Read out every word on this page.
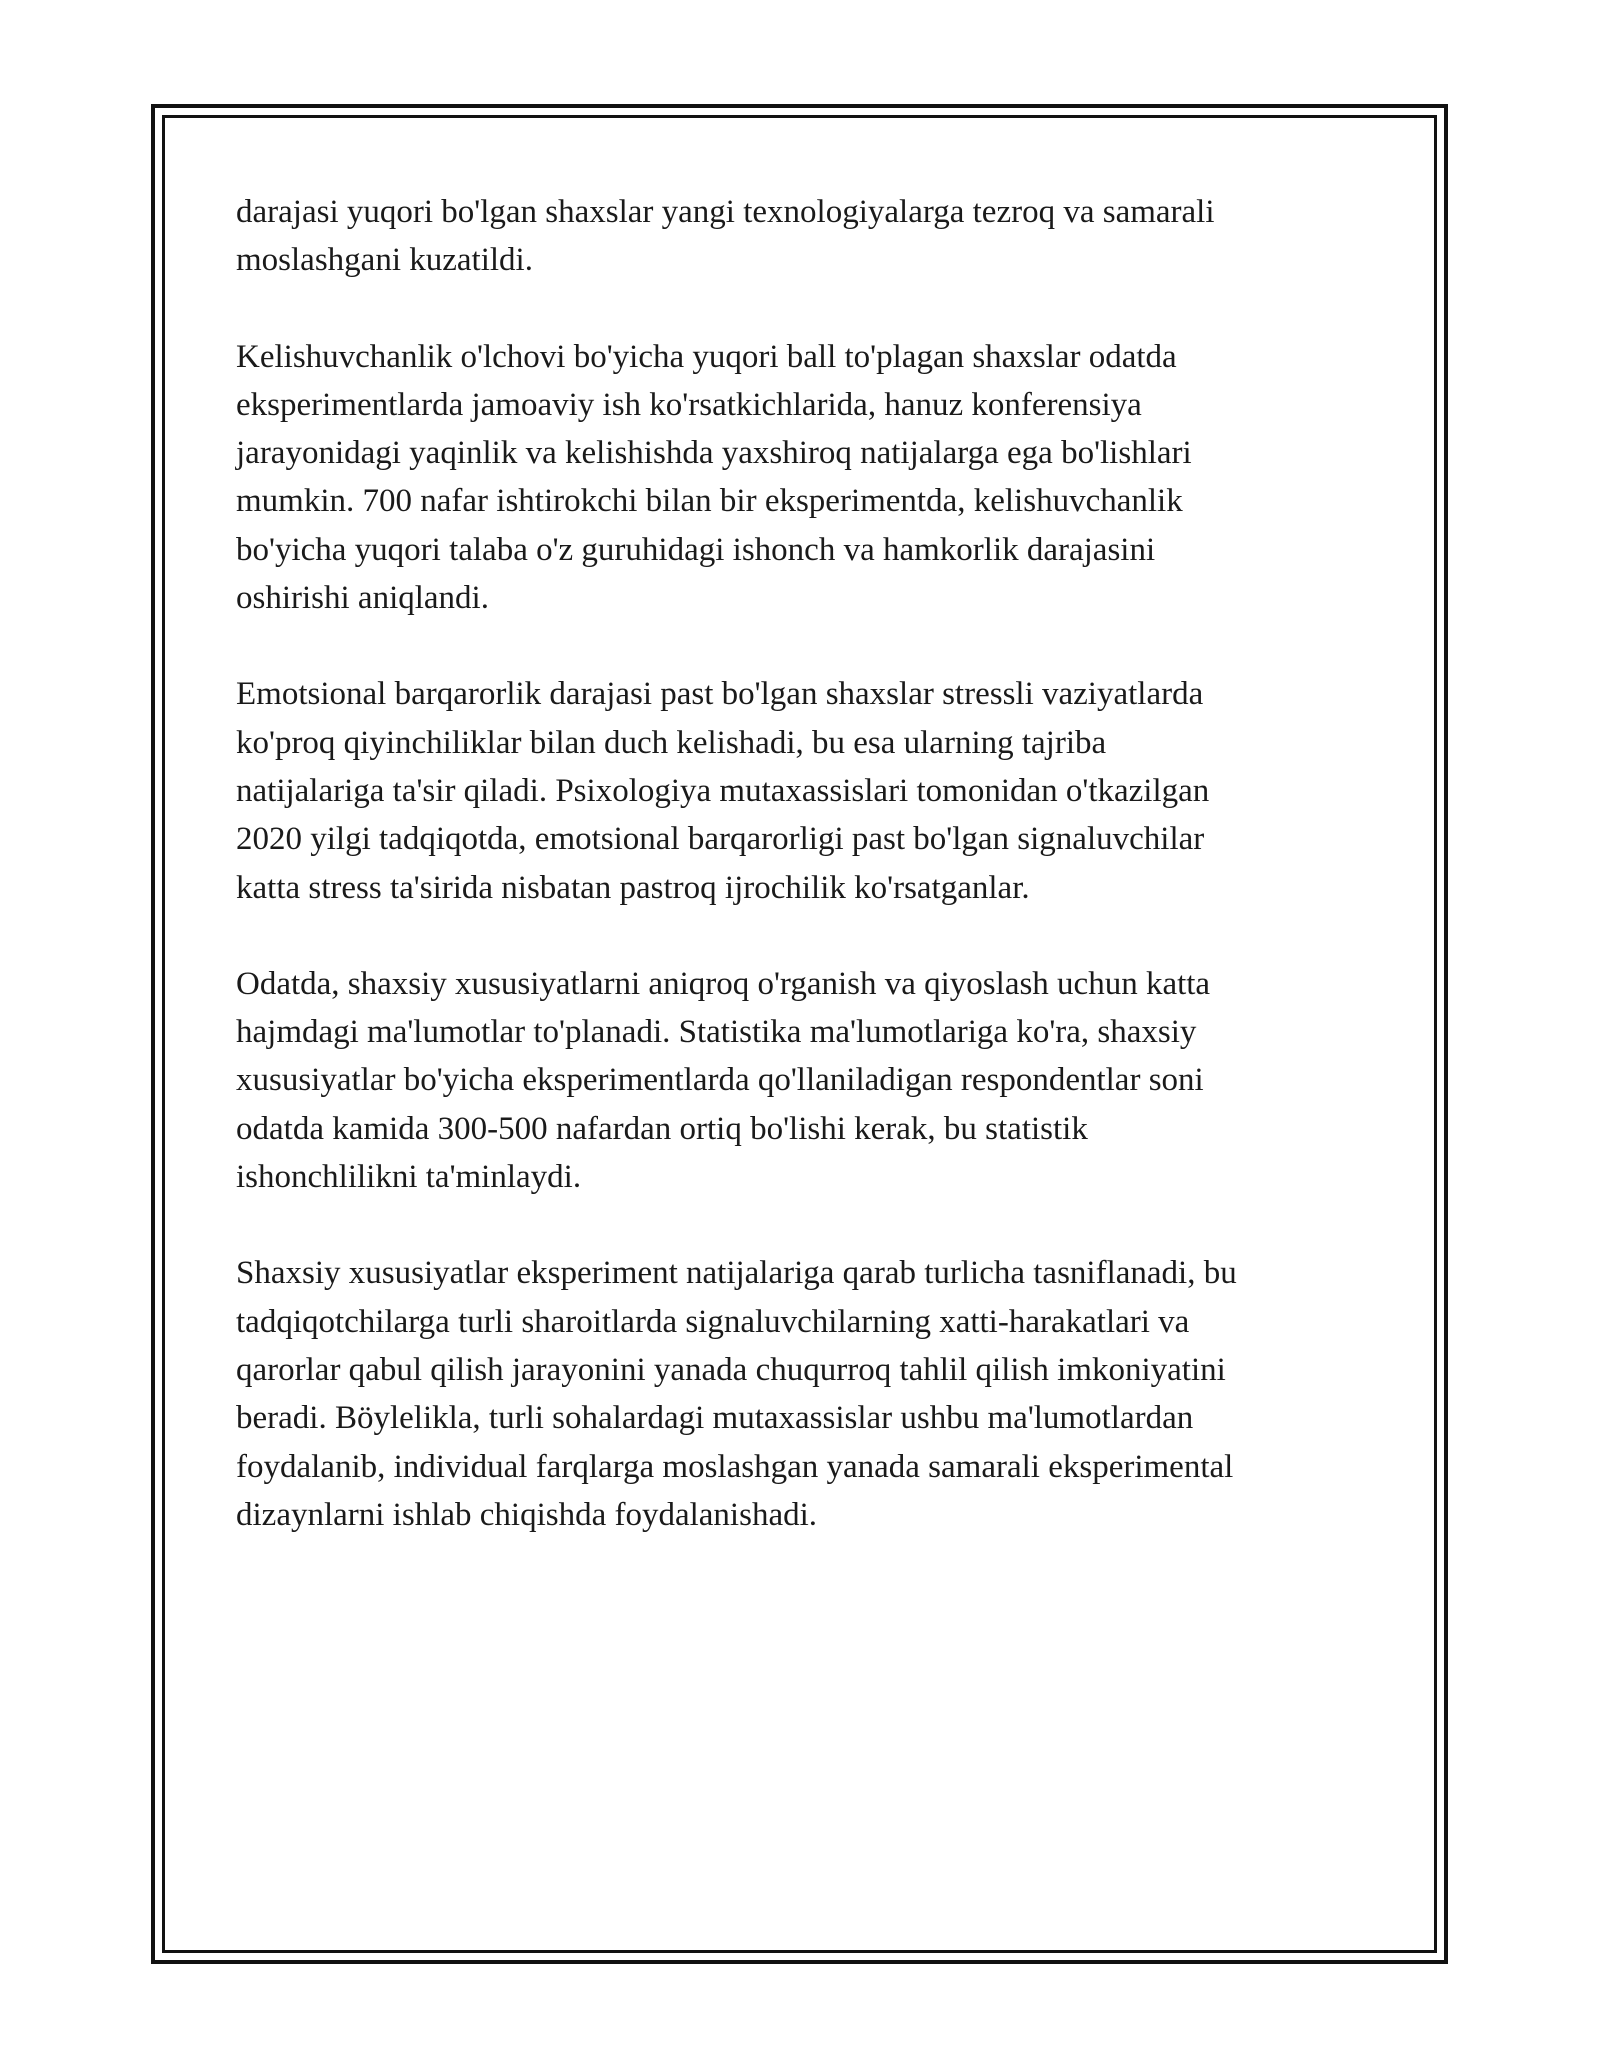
darajasi yuqori bo'lgan shaxslar yangi texnologiyalarga tezroq va samarali
moslashgani kuzatildi.

Kelishuvchanlik o'lchovi bo'yicha yuqori ball to'plagan shaxslar odatda
eksperimentlarda jamoaviy ish ko'rsatkichlarida, hanuz konferensiya
jarayonidagi yaqinlik va kelishishda yaxshiroq natijalarga ega bo'lishlari
mumkin. 700 nafar ishtirokchi bilan bir eksperimentda, kelishuvchanlik
bo'yicha yuqori talaba o'z guruhidagi ishonch va hamkorlik darajasini
oshirishi aniqlandi.

Emotsional barqarorlik darajasi past bo'lgan shaxslar stressli vaziyatlarda
ko'proq qiyinchiliklar bilan duch kelishadi, bu esa ularning tajriba
natijalariga ta'sir qiladi. Psixologiya mutaxassislari tomonidan o'tkazilgan
2020 yilgi tadqiqotda, emotsional barqarorligi past bo'lgan signaluvchilar
katta stress ta'sirida nisbatan pastroq ijrochilik ko'rsatganlar.

Odatda, shaxsiy xususiyatlarni aniqroq o'rganish va qiyoslash uchun katta
hajmdagi ma'lumotlar to'planadi. Statistika ma'lumotlariga ko'ra, shaxsiy
xususiyatlar bo'yicha eksperimentlarda qo'llaniladigan respondentlar soni
odatda kamida 300-500 nafardan ortiq bo'lishi kerak, bu statistik
ishonchlilikni ta'minlaydi.

Shaxsiy xususiyatlar eksperiment natijalariga qarab turlicha tasniflanadi, bu
tadqiqotchilarga turli sharoitlarda signaluvchilarning xatti-harakatlari va
qarorlar qabul qilish jarayonini yanada chuqurroq tahlil qilish imkoniyatini
beradi. Böylelikla, turli sohalardagi mutaxassislar ushbu ma'lumotlardan
foydalanib, individual farqlarga moslashgan yanada samarali eksperimental
dizaynlarni ishlab chiqishda foydalanishadi.
